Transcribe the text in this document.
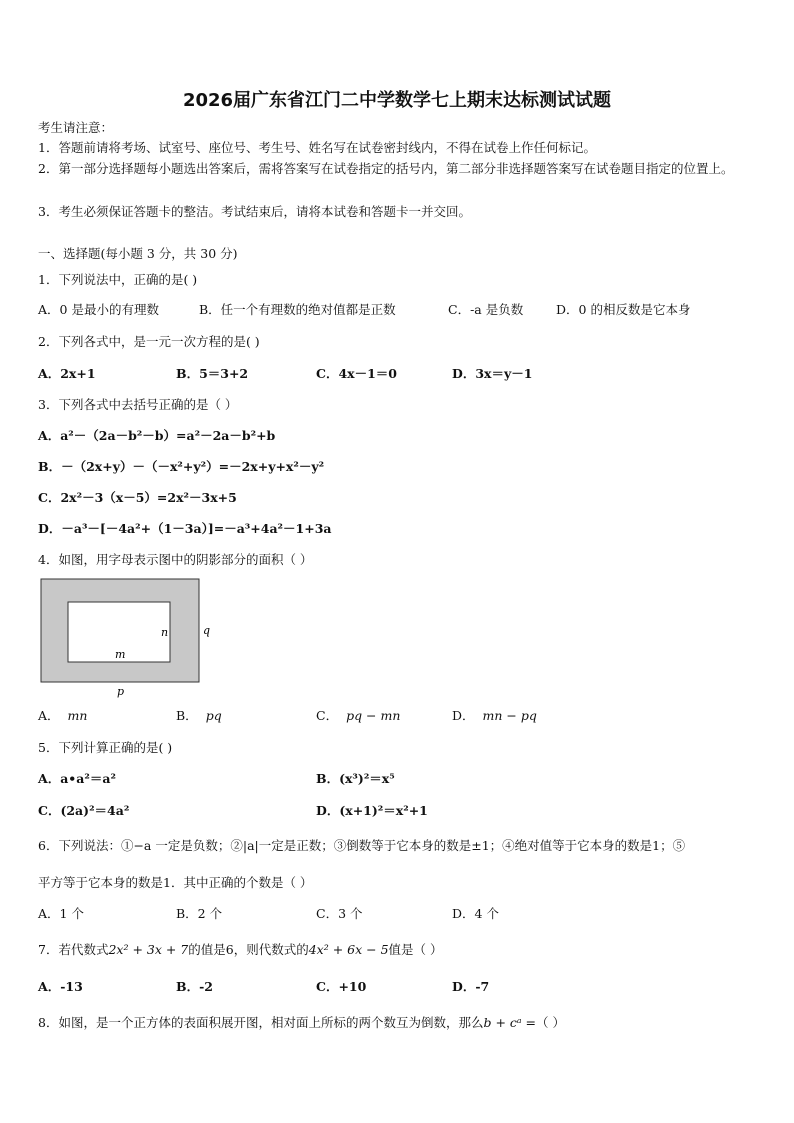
2026届广东省江门二中学数学七上期末达标测试试题
考生请注意：
1．答题前请将考场、试室号、座位号、考生号、姓名写在试卷密封线内，不得在试卷上作任何标记。
2．第一部分选择题每小题选出答案后，需将答案写在试卷指定的括号内，第二部分非选择题答案写在试卷题目指定的位置上。
3．考生必须保证答题卡的整洁。考试结束后，请将本试卷和答题卡一并交回。
一、选择题(每小题 3 分，共 30 分)
1．下列说法中，正确的是( )
A．0 是最小的有理数	B．任一个有理数的绝对值都是正数	C．-a 是负数	D．0 的相反数是它本身
2．下列各式中，是一元一次方程的是( )
A．2x+1	B．5＝3+2	C．4x－1＝0	D．3x＝y－1
3．下列各式中去括号正确的是（ ）
A．a²－（2a－b²－b）=a²－2a－b²+b
B．－（2x+y）－（－x²+y²）=－2x+y+x²－y²
C．2x²－3（x－5）=2x²－3x+5
D．－a³－[－4a²+（1－3a）]=－a³+4a²－1+3a
4．如图，用字母表示图中的阴影部分的面积（ ）
n	q
m
p
A． mn	B． pq	C． pq − mn	D． mn − pq
5．下列计算正确的是( )
A．a•a²＝a²	B．(x³)²＝x⁵
C．(2a)²＝4a²	D．(x+1)²＝x²+1
6．下列说法：①−a 一定是负数；②|a|一定是正数；③倒数等于它本身的数是±1；④绝对值等于它本身的数是1；⑤
平方等于它本身的数是1．其中正确的个数是（ ）
A．1 个	B．2 个	C．3 个	D．4 个
7．若代数式2x² + 3x + 7的值是6，则代数式的4x² + 6x − 5值是（ ）
A．-13	B．-2	C．+10	D．-7
8．如图，是一个正方体的表面积展开图，相对面上所标的两个数互为倒数，那么b + cᵃ =（ ）
